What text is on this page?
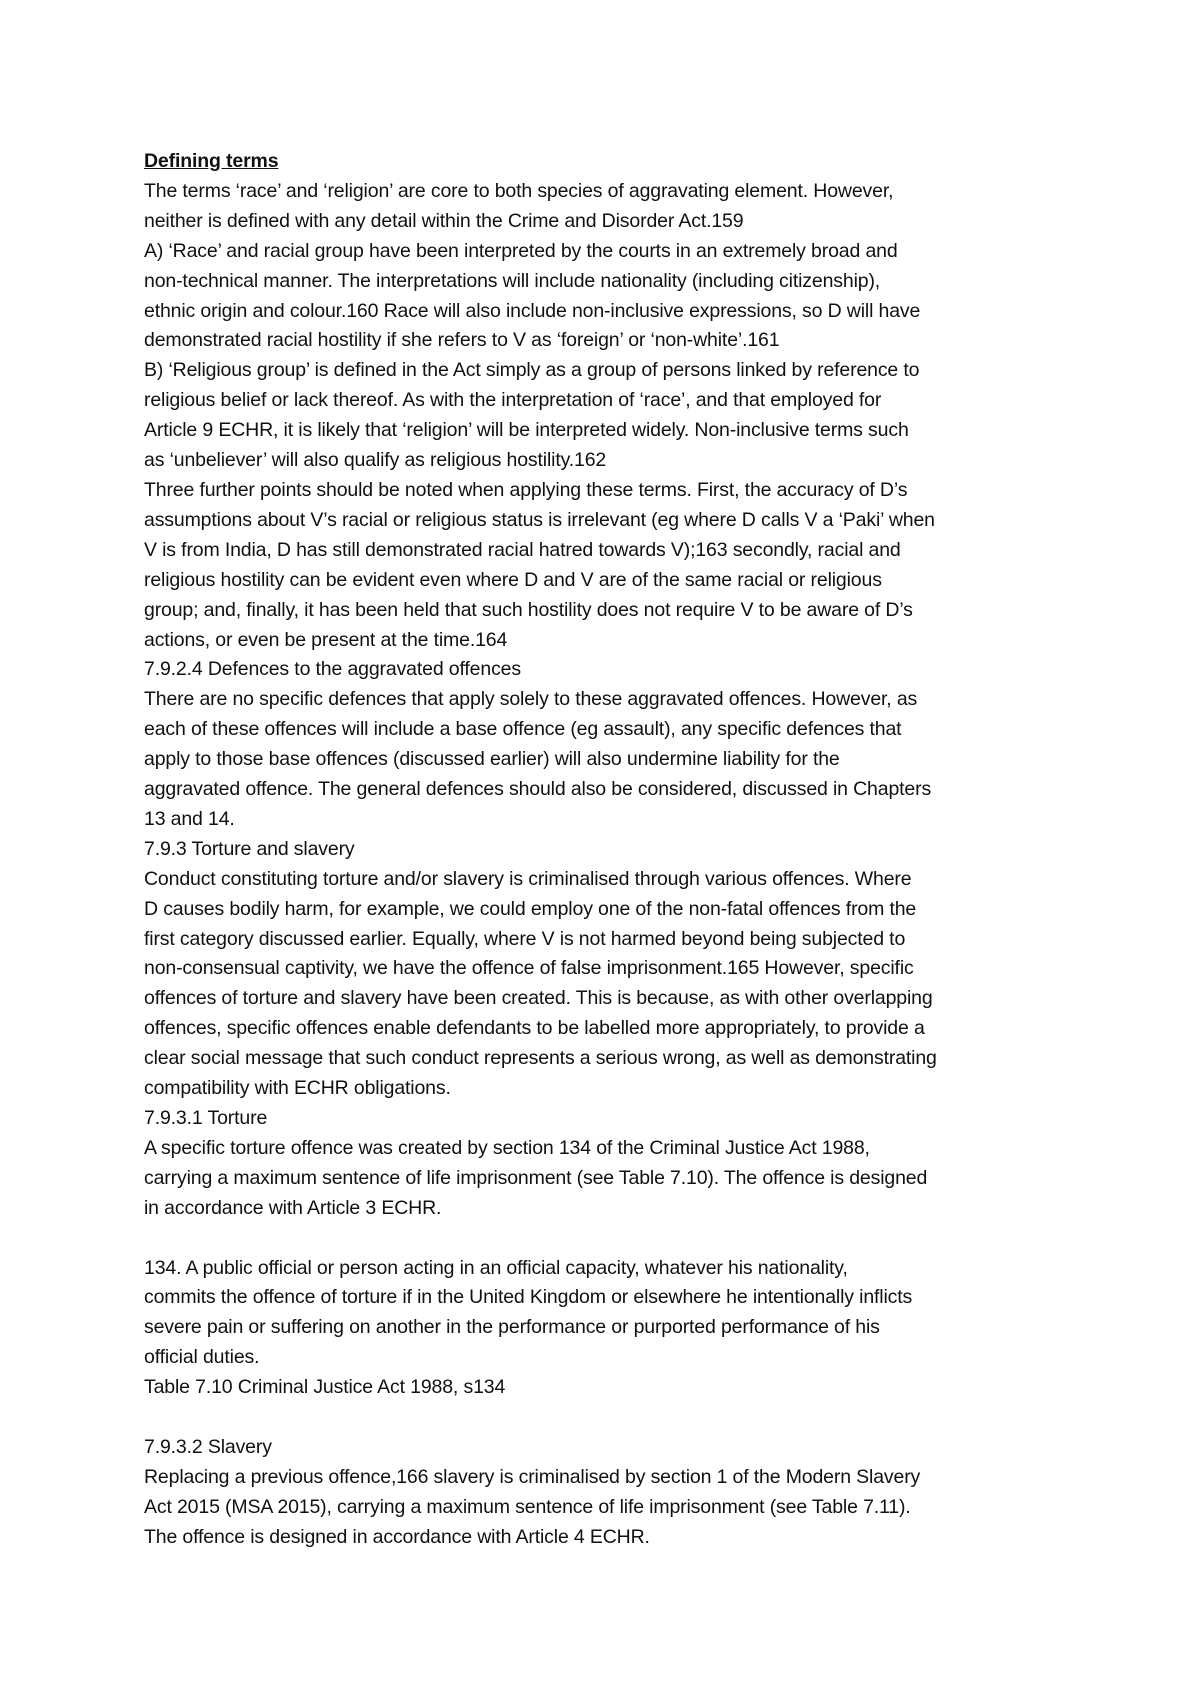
Defining terms
The terms ‘race’ and ‘religion’ are core to both species of aggravating element. However,
neither is defined with any detail within the Crime and Disorder Act.159
A) ‘Race’ and racial group have been interpreted by the courts in an extremely broad and
non-technical manner. The interpretations will include nationality (including citizenship),
ethnic origin and colour.160 Race will also include non-inclusive expressions, so D will have
demonstrated racial hostility if she refers to V as ‘foreign’ or ‘non-white’.161
B) ‘Religious group’ is defined in the Act simply as a group of persons linked by reference to
religious belief or lack thereof. As with the interpretation of ‘race’, and that employed for
Article 9 ECHR, it is likely that ‘religion’ will be interpreted widely. Non-inclusive terms such
as ‘unbeliever’ will also qualify as religious hostility.162
Three further points should be noted when applying these terms. First, the accuracy of D’s
assumptions about V’s racial or religious status is irrelevant (eg where D calls V a ‘Paki’ when
V is from India, D has still demonstrated racial hatred towards V);163 secondly, racial and
religious hostility can be evident even where D and V are of the same racial or religious
group; and, finally, it has been held that such hostility does not require V to be aware of D’s
actions, or even be present at the time.164
7.9.2.4 Defences to the aggravated offences
There are no specific defences that apply solely to these aggravated offences. However, as
each of these offences will include a base offence (eg assault), any specific defences that
apply to those base offences (discussed earlier) will also undermine liability for the
aggravated offence. The general defences should also be considered, discussed in Chapters
13 and 14.
7.9.3 Torture and slavery
Conduct constituting torture and/or slavery is criminalised through various offences. Where
D causes bodily harm, for example, we could employ one of the non-fatal offences from the
first category discussed earlier. Equally, where V is not harmed beyond being subjected to
non-consensual captivity, we have the offence of false imprisonment.165 However, specific
offences of torture and slavery have been created. This is because, as with other overlapping
offences, specific offences enable defendants to be labelled more appropriately, to provide a
clear social message that such conduct represents a serious wrong, as well as demonstrating
compatibility with ECHR obligations.
7.9.3.1 Torture
A specific torture offence was created by section 134 of the Criminal Justice Act 1988,
carrying a maximum sentence of life imprisonment (see Table 7.10). The offence is designed
in accordance with Article 3 ECHR.
134. A public official or person acting in an official capacity, whatever his nationality,
commits the offence of torture if in the United Kingdom or elsewhere he intentionally inflicts
severe pain or suffering on another in the performance or purported performance of his
official duties.
Table 7.10 Criminal Justice Act 1988, s134
7.9.3.2 Slavery
Replacing a previous offence,166 slavery is criminalised by section 1 of the Modern Slavery
Act 2015 (MSA 2015), carrying a maximum sentence of life imprisonment (see Table 7.11).
The offence is designed in accordance with Article 4 ECHR.
